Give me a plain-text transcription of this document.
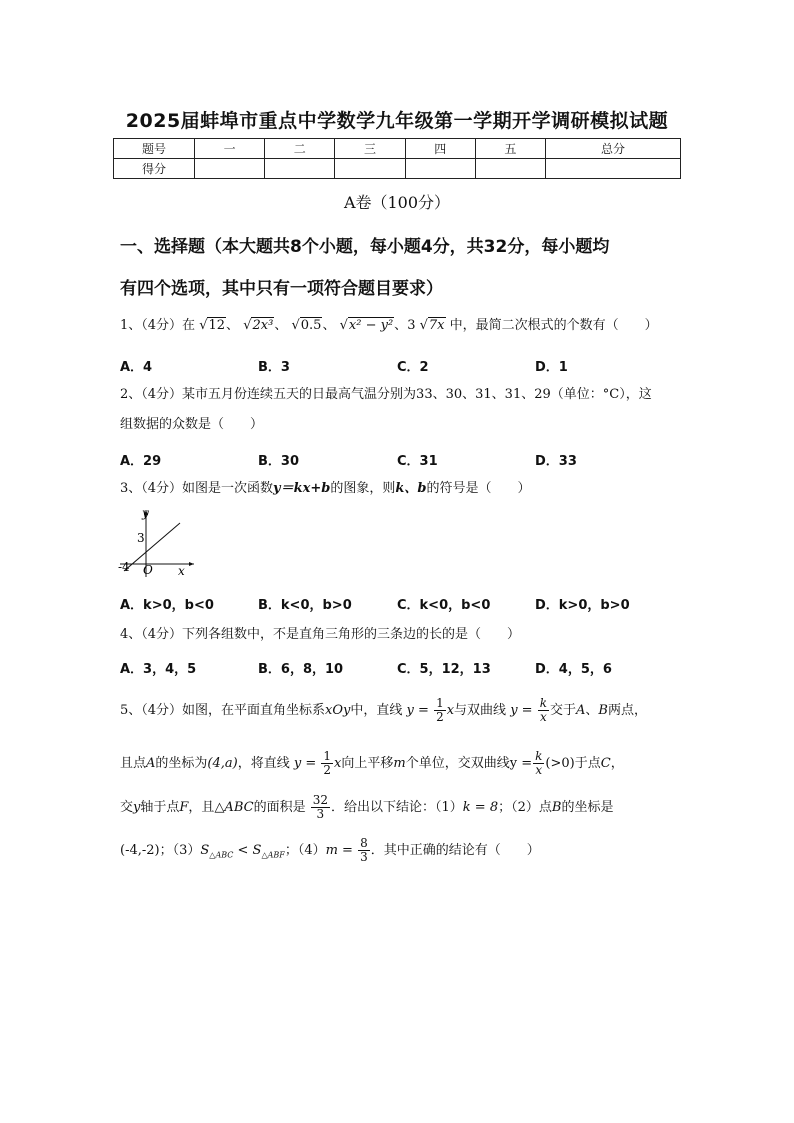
2025届蚌埠市重点中学数学九年级第一学期开学调研模拟试题
题号	一	二	三	四	五	总分
得分						
A卷（100分）
一、选择题（本大题共8个小题，每小题4分，共32分，每小题均
有四个选项，其中只有一项符合题目要求）
1、（4分）在 √12、 √2x³、 √0.5、 √x² − y²、3 √7x 中，最简二次根式的个数有（　　）
A．4	B．3	C．2	D．1
2、（4分）某市五月份连续五天的日最高气温分别为33、30、31、31、29（单位：°C），这
组数据的众数是（　　）
A．29	B．30	C．31	D．33
3、（4分）如图是一次函数y＝kx+b的图象，则k、b的符号是（　　）
y
x
O
3
-4
A．k>0，b<0	B．k<0，b>0	C．k<0，b<0	D．k>0，b>0
4、（4分）下列各组数中，不是直角三角形的三条边的长的是（　　）
A．3，4，5	B．6，8，10	C．5，12，13	D．4，5，6
5、（4分）如图，在平面直角坐标系xOy中，直线 $y = \frac{1}{2}$ x与双曲线 $y = \frac{k}{x}$ 交于A、B两点，
且点A的坐标为(4,a)，将直线 $y = \frac{1}{2}$ x向上平移m个单位，交双曲线$y = \frac{k}{x} (>0)$于点C，
交y轴于点F，且△ABC的面积是 $\frac{32}{3}$ ．给出以下结论：（1）k = 8；（2）点B的坐标是
(-4,-2)；$(3)S_{\triangle ABC} < S_{\triangle ABF}$；$(4)m = \frac{8}{3}$ ．其中正确的结论有（　　）
